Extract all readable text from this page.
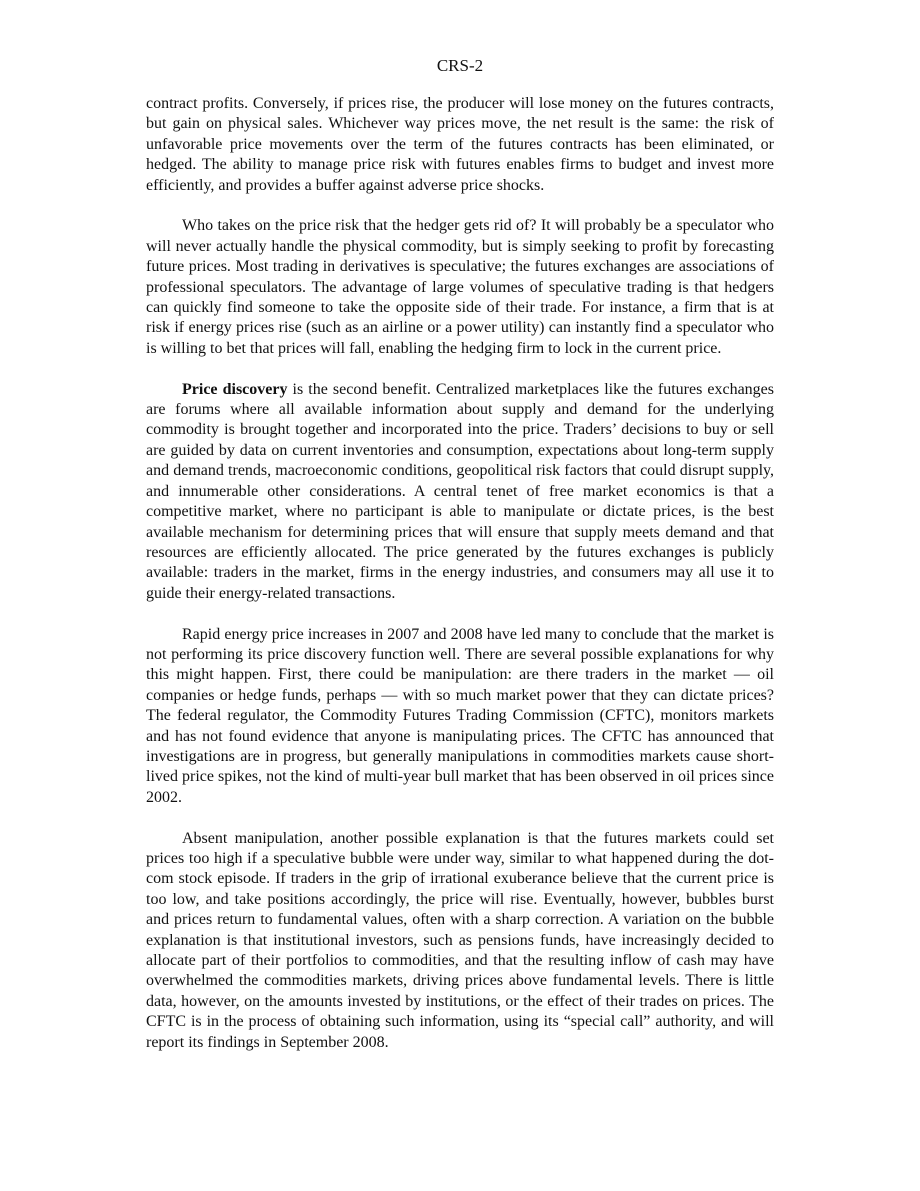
CRS-2

contract profits. Conversely, if prices rise, the producer will lose money on the futures contracts, but gain on physical sales. Whichever way prices move, the net result is the same: the risk of unfavorable price movements over the term of the futures contracts has been eliminated, or hedged. The ability to manage price risk with futures enables firms to budget and invest more efficiently, and provides a buffer against adverse price shocks.

Who takes on the price risk that the hedger gets rid of? It will probably be a speculator who will never actually handle the physical commodity, but is simply seeking to profit by forecasting future prices. Most trading in derivatives is speculative; the futures exchanges are associations of professional speculators. The advantage of large volumes of speculative trading is that hedgers can quickly find someone to take the opposite side of their trade. For instance, a firm that is at risk if energy prices rise (such as an airline or a power utility) can instantly find a speculator who is willing to bet that prices will fall, enabling the hedging firm to lock in the current price.

Price discovery is the second benefit. Centralized marketplaces like the futures exchanges are forums where all available information about supply and demand for the underlying commodity is brought together and incorporated into the price. Traders’ decisions to buy or sell are guided by data on current inventories and consumption, expectations about long-term supply and demand trends, macroeconomic conditions, geopolitical risk factors that could disrupt supply, and innumerable other considerations. A central tenet of free market economics is that a competitive market, where no participant is able to manipulate or dictate prices, is the best available mechanism for determining prices that will ensure that supply meets demand and that resources are efficiently allocated. The price generated by the futures exchanges is publicly available: traders in the market, firms in the energy industries, and consumers may all use it to guide their energy-related transactions.

Rapid energy price increases in 2007 and 2008 have led many to conclude that the market is not performing its price discovery function well. There are several possible explanations for why this might happen. First, there could be manipulation: are there traders in the market — oil companies or hedge funds, perhaps — with so much market power that they can dictate prices? The federal regulator, the Commodity Futures Trading Commission (CFTC), monitors markets and has not found evidence that anyone is manipulating prices. The CFTC has announced that investigations are in progress, but generally manipulations in commodities markets cause short-lived price spikes, not the kind of multi-year bull market that has been observed in oil prices since 2002.

Absent manipulation, another possible explanation is that the futures markets could set prices too high if a speculative bubble were under way, similar to what happened during the dot-com stock episode. If traders in the grip of irrational exuberance believe that the current price is too low, and take positions accordingly, the price will rise. Eventually, however, bubbles burst and prices return to fundamental values, often with a sharp correction. A variation on the bubble explanation is that institutional investors, such as pensions funds, have increasingly decided to allocate part of their portfolios to commodities, and that the resulting inflow of cash may have overwhelmed the commodities markets, driving prices above fundamental levels. There is little data, however, on the amounts invested by institutions, or the effect of their trades on prices. The CFTC is in the process of obtaining such information, using its “special call” authority, and will report its findings in September 2008.
